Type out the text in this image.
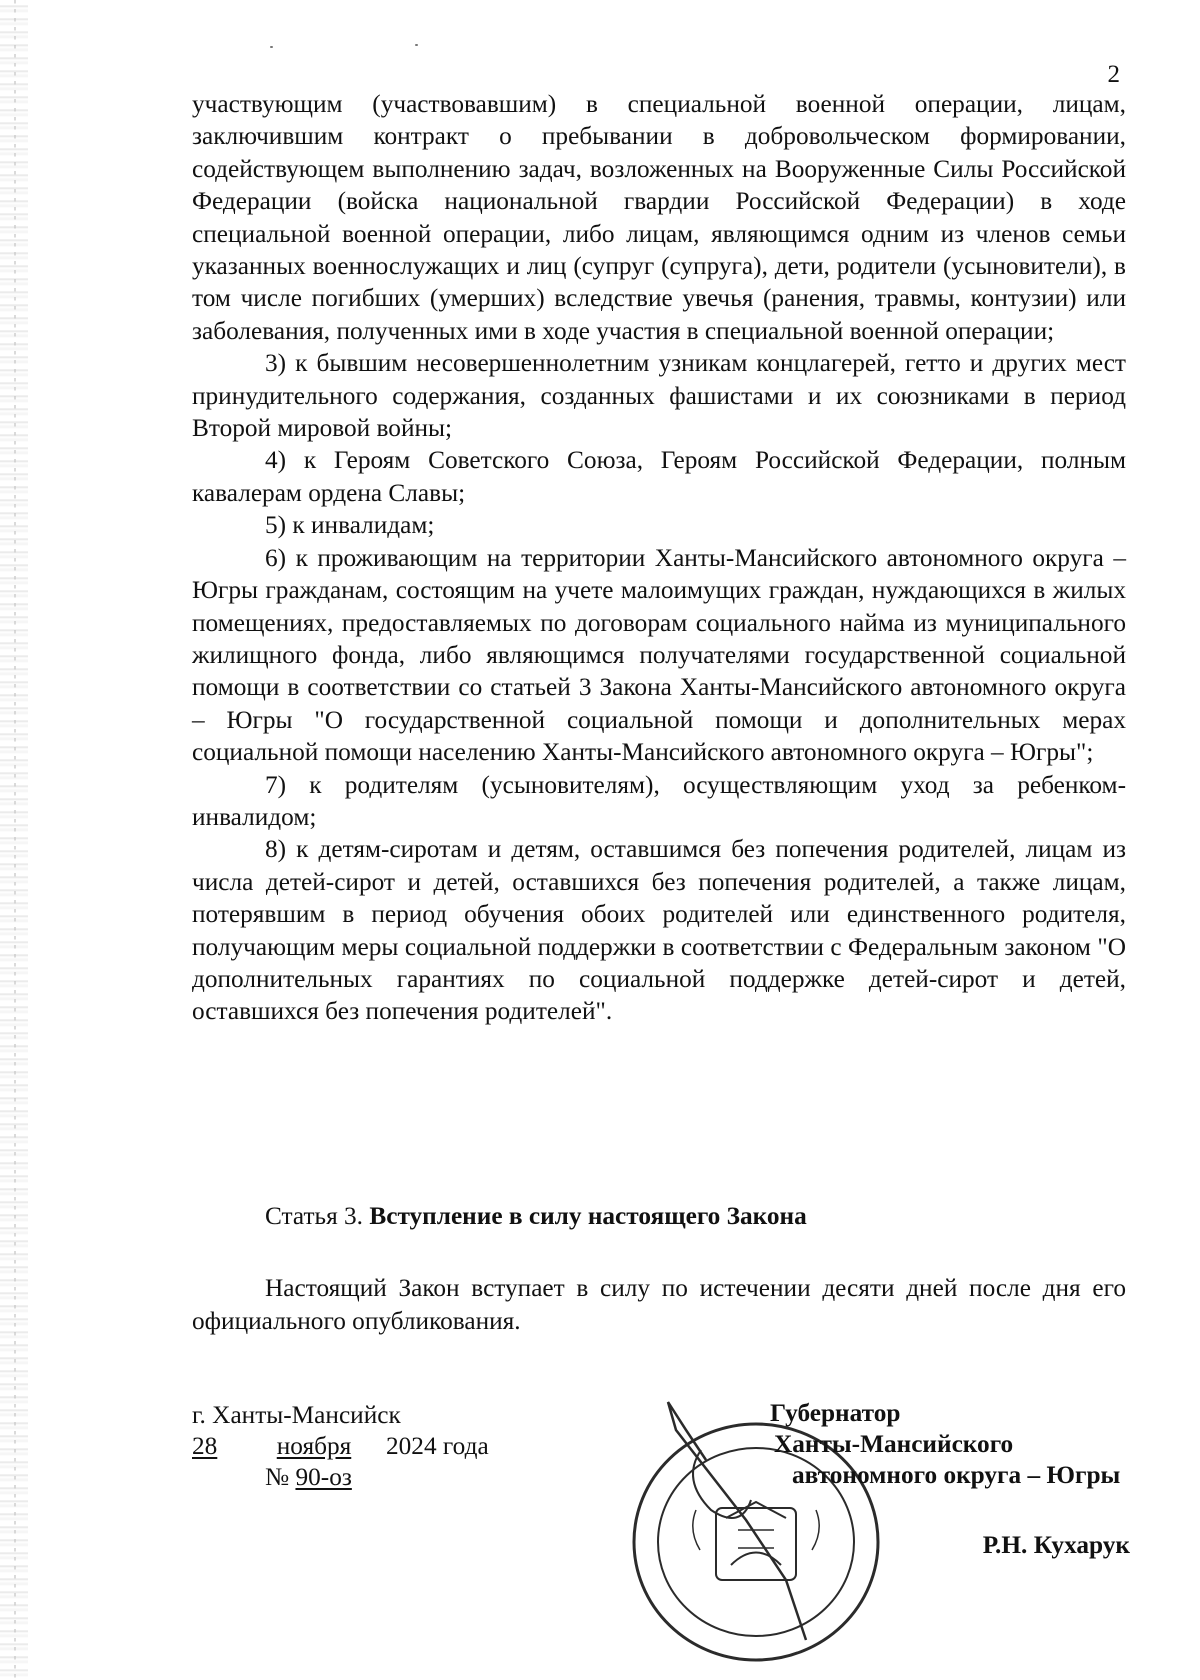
2

участвующим (участвовавшим) в специальной военной операции, лицам, заключившим контракт о пребывании в добровольческом формировании, содействующем выполнению задач, возложенных на Вооруженные Силы Российской Федерации (войска национальной гвардии Российской Федерации) в ходе специальной военной операции, либо лицам, являющимся одним из членов семьи указанных военнослужащих и лиц (супруг (супруга), дети, родители (усыновители), в том числе погибших (умерших) вследствие увечья (ранения, травмы, контузии) или заболевания, полученных ими в ходе участия в специальной военной операции;

3) к бывшим несовершеннолетним узникам концлагерей, гетто и других мест принудительного содержания, созданных фашистами и их союзниками в период Второй мировой войны;

4) к Героям Советского Союза, Героям Российской Федерации, полным кавалерам ордена Славы;

5) к инвалидам;

6) к проживающим на территории Ханты-Мансийского автономного округа – Югры гражданам, состоящим на учете малоимущих граждан, нуждающихся в жилых помещениях, предоставляемых по договорам социального найма из муниципального жилищного фонда, либо являющимся получателями государственной социальной помощи в соответствии со статьей 3 Закона Ханты-Мансийского автономного округа – Югры "О государственной социальной помощи и дополнительных мерах социальной помощи населению Ханты-Мансийского автономного округа – Югры";

7) к родителям (усыновителям), осуществляющим уход за ребенком-инвалидом;

8) к детям-сиротам и детям, оставшимся без попечения родителей, лицам из числа детей-сирот и детей, оставшихся без попечения родителей, а также лицам, потерявшим в период обучения обоих родителей или единственного родителя, получающим меры социальной поддержки в соответствии с Федеральным законом "О дополнительных гарантиях по социальной поддержке детей-сирот и детей, оставшихся без попечения родителей".

Статья 3. Вступление в силу настоящего Закона

Настоящий Закон вступает в силу по истечении десяти дней после дня его официального опубликования.

г. Ханты-Мансийск
28 ноября 2024 года
№ 90-оз
Губернатор
Ханты-Мансийского
автономного округа – Югры
Р.Н. Кухарук
